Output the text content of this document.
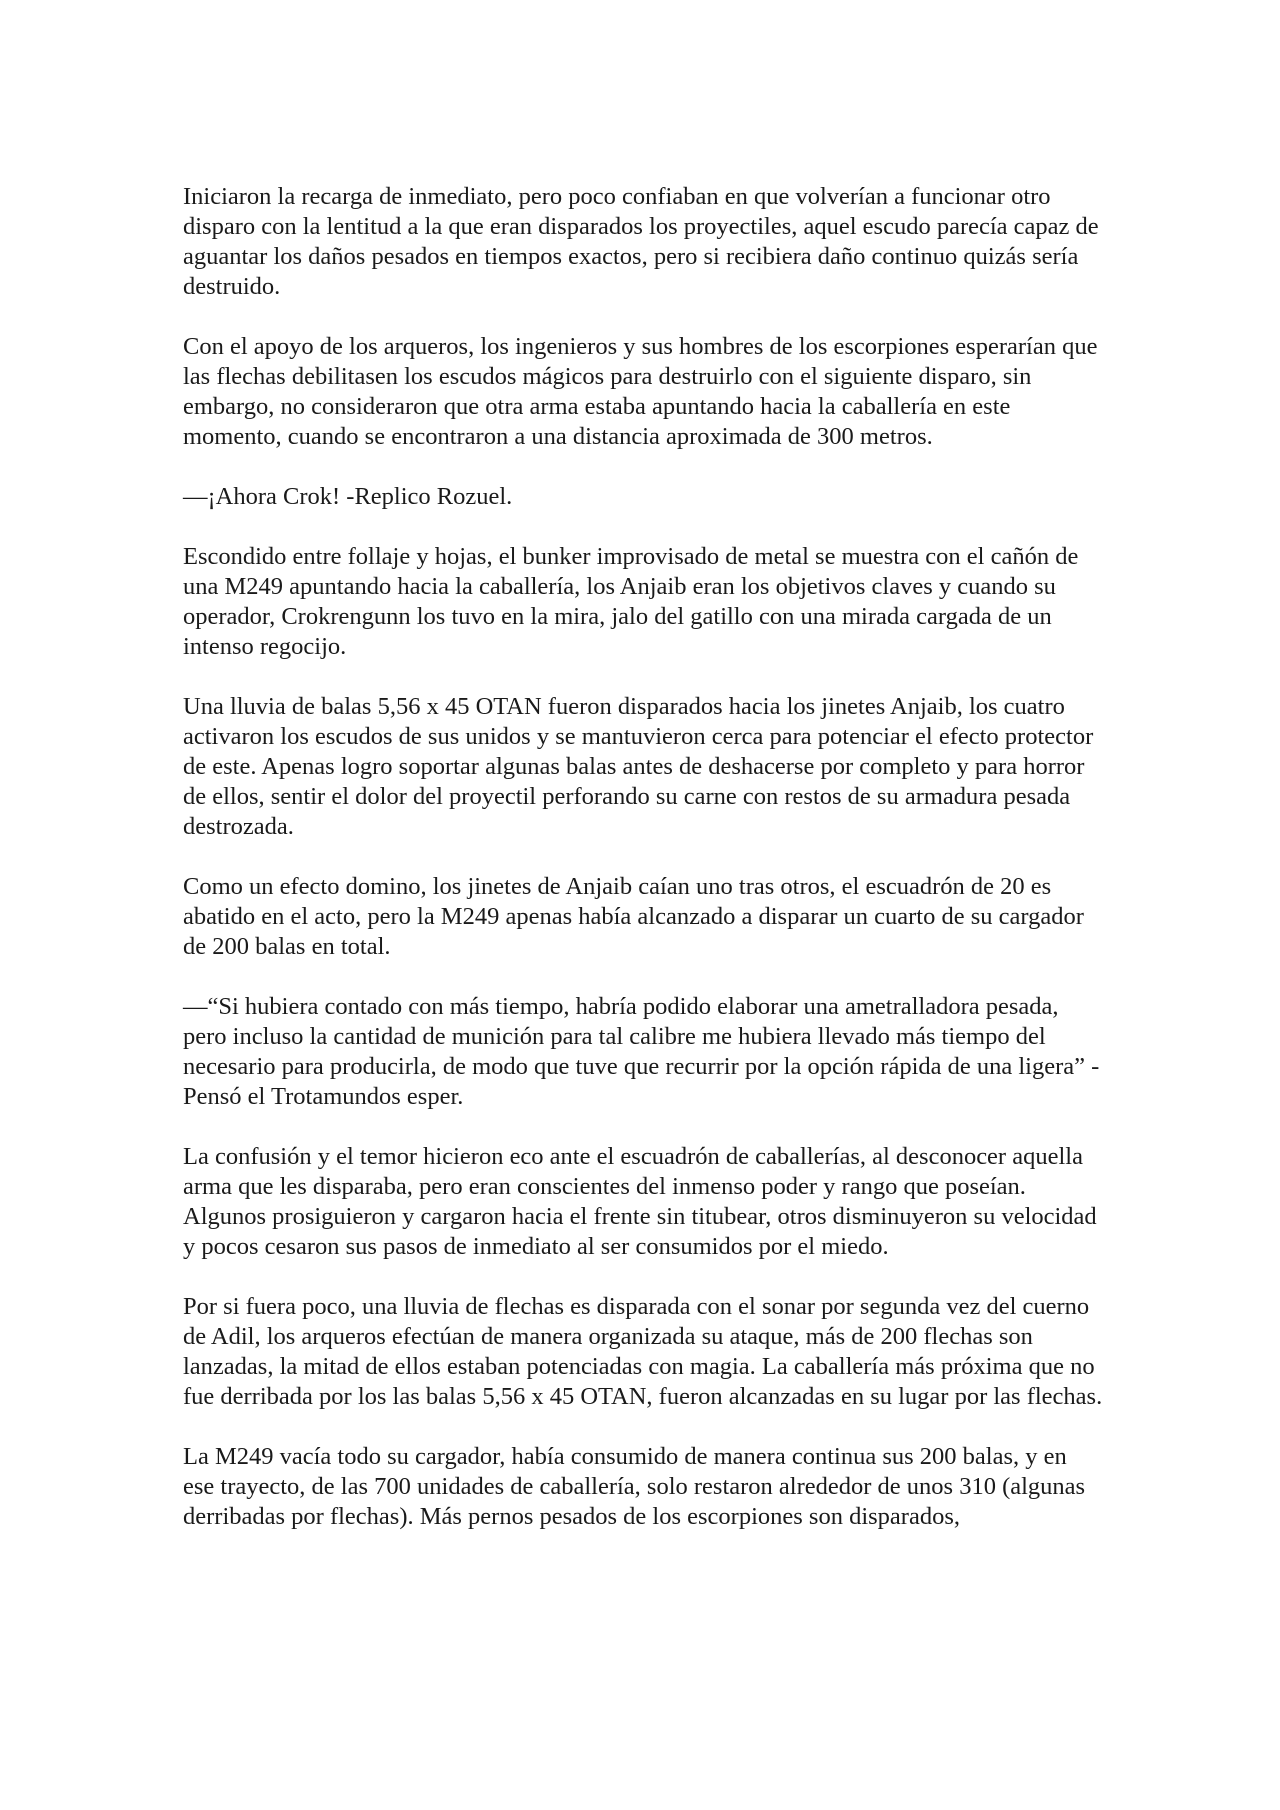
Iniciaron la recarga de inmediato, pero poco confiaban en que volverían a funcionar otro disparo con la lentitud a la que eran disparados los proyectiles, aquel escudo parecía capaz de aguantar los daños pesados en tiempos exactos, pero si recibiera daño continuo quizás sería destruido.

Con el apoyo de los arqueros, los ingenieros y sus hombres de los escorpiones esperarían que las flechas debilitasen los escudos mágicos para destruirlo con el siguiente disparo, sin embargo, no consideraron que otra arma estaba apuntando hacia la caballería en este momento, cuando se encontraron a una distancia aproximada de 300 metros.

—¡Ahora Crok! -Replico Rozuel.

Escondido entre follaje y hojas, el bunker improvisado de metal se muestra con el cañón de una M249 apuntando hacia la caballería, los Anjaib eran los objetivos claves y cuando su operador, Crokrengunn los tuvo en la mira, jalo del gatillo con una mirada cargada de un intenso regocijo.

Una lluvia de balas 5,56 x 45 OTAN fueron disparados hacia los jinetes Anjaib, los cuatro activaron los escudos de sus unidos y se mantuvieron cerca para potenciar el efecto protector de este. Apenas logro soportar algunas balas antes de deshacerse por completo y para horror de ellos, sentir el dolor del proyectil perforando su carne con restos de su armadura pesada destrozada.

Como un efecto domino, los jinetes de Anjaib caían uno tras otros, el escuadrón de 20 es abatido en el acto, pero la M249 apenas había alcanzado a disparar un cuarto de su cargador de 200 balas en total.

—“Si hubiera contado con más tiempo, habría podido elaborar una ametralladora pesada, pero incluso la cantidad de munición para tal calibre me hubiera llevado más tiempo del necesario para producirla, de modo que tuve que recurrir por la opción rápida de una ligera” -Pensó el Trotamundos esper.

La confusión y el temor hicieron eco ante el escuadrón de caballerías, al desconocer aquella arma que les disparaba, pero eran conscientes del inmenso poder y rango que poseían. Algunos prosiguieron y cargaron hacia el frente sin titubear, otros disminuyeron su velocidad y pocos cesaron sus pasos de inmediato al ser consumidos por el miedo.

Por si fuera poco, una lluvia de flechas es disparada con el sonar por segunda vez del cuerno de Adil, los arqueros efectúan de manera organizada su ataque, más de 200 flechas son lanzadas, la mitad de ellos estaban potenciadas con magia. La caballería más próxima que no fue derribada por los las balas 5,56 x 45 OTAN, fueron alcanzadas en su lugar por las flechas.

La M249 vacía todo su cargador, había consumido de manera continua sus 200 balas, y en ese trayecto, de las 700 unidades de caballería, solo restaron alrededor de unos 310 (algunas derribadas por flechas). Más pernos pesados de los escorpiones son disparados,
